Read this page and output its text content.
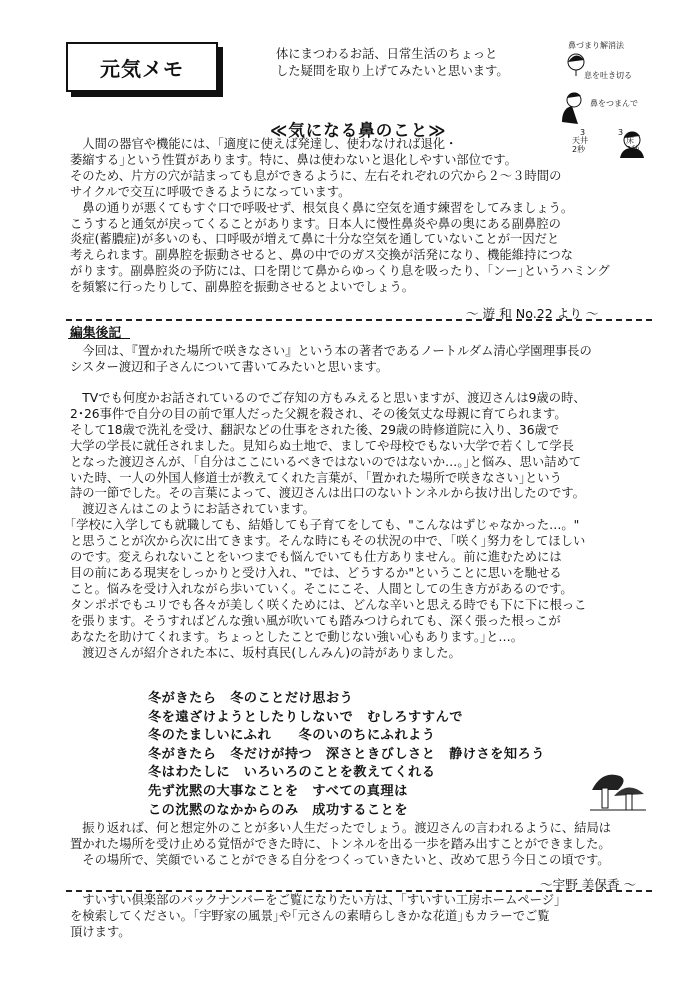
元気メモ
体にまつわるお話、日常生活のちょっと
した疑問を取り上げてみたいと思います。
鼻づまり解消法
息を吐き切る
鼻をつまんで
3
天井
2秒
3
床
2秒
≪気になる鼻のこと≫

　人間の器官や機能には、｢適度に使えば発達し、使わなければ退化・
萎縮する｣という性質があります。特に、鼻は使わないと退化しやすい部位です。
そのため、片方の穴が詰まっても息ができるように、左右それぞれの穴から２～３時間の
サイクルで交互に呼吸できるようになっています。
　鼻の通りが悪くてもすぐ口で呼吸せず、根気良く鼻に空気を通す練習をしてみましょう。
こうすると通気が戻ってくることがあります。日本人に慢性鼻炎や鼻の奥にある副鼻腔の
炎症(蓄膿症)が多いのも、口呼吸が増えて鼻に十分な空気を通していないことが一因だと
考えられます。副鼻腔を振動させると、鼻の中でのガス交換が活発になり、機能維持につな
がります。副鼻腔炎の予防には、口を閉じて鼻からゆっくり息を吸ったり、｢ンー｣というハミング
を頻繁に行ったりして、副鼻腔を振動させるとよいでしょう。

～ 遊 和 No.22 より ～
編集後記

　今回は、『置かれた場所で咲きなさい』という本の著者であるノートルダム清心学園理事長の
シスター渡辺和子さんについて書いてみたいと思います。

　TVでも何度かお話されているのでご存知の方もみえると思いますが、渡辺さんは9歳の時、
2･26事件で自分の目の前で軍人だった父親を殺され、その後気丈な母親に育てられます。
そして18歳で洗礼を受け、翻訳などの仕事をされた後、29歳の時修道院に入り、36歳で
大学の学長に就任されました。見知らぬ土地で、ましてや母校でもない大学で若くして学長
となった渡辺さんが、｢自分はここにいるべきではないのではないか…。｣と悩み、思い詰めて
いた時、一人の外国人修道士が教えてくれた言葉が、｢置かれた場所で咲きなさい｣という
詩の一節でした。その言葉によって、渡辺さんは出口のないトンネルから抜け出したのです。
　渡辺さんはこのようにお話されています。
｢学校に入学しても就職しても、結婚しても子育てをしても、"こんなはずじゃなかった…。"
と思うことが次から次に出てきます。そんな時にもその状況の中で、｢咲く｣努力をしてほしい
のです。変えられないことをいつまでも悩んでいても仕方ありません。前に進むためには
目の前にある現実をしっかりと受け入れ、"では、どうするか"ということに思いを馳せる
こと。悩みを受け入れながら歩いていく。そこにこそ、人間としての生き方があるのです。
タンポポでもユリでも各々が美しく咲くためには、どんな辛いと思える時でも下に下に根っこ
を張ります。そうすればどんな強い風が吹いても踏みつけられても、深く張った根っこが
あなたを助けてくれます。ちょっとしたことで動じない強い心もあります。｣と…。
　渡辺さんが紹介された本に、坂村真民(しんみん)の詩がありました。

冬がきたら　冬のことだけ思おう
冬を遠ざけようとしたりしないで　むしろすすんで
冬のたましいにふれ　　冬のいのちにふれよう
冬がきたら　冬だけが持つ　深さときびしさと　静けさを知ろう
冬はわたしに　いろいろのことを教えてくれる
先ず沈黙の大事なことを　すべての真理は
この沈黙のなかからのみ　成功することを

　振り返れば、何と想定外のことが多い人生だったでしょう。渡辺さんの言われるように、結局は
置かれた場所を受け止める覚悟ができた時に、トンネルを出る一歩を踏み出すことができました。
　その場所で、笑顔でいることができる自分をつくっていきたいと、改めて思う今日この頃です。

～宇野 美保香 ～

　すいすい倶楽部のバックナンバーをご覧になりたい方は、｢すいすい工房ホームページ｣
を検索してください。｢宇野家の風景｣や｢元さんの素晴らしきかな花道｣もカラーでご覧
頂けます。
